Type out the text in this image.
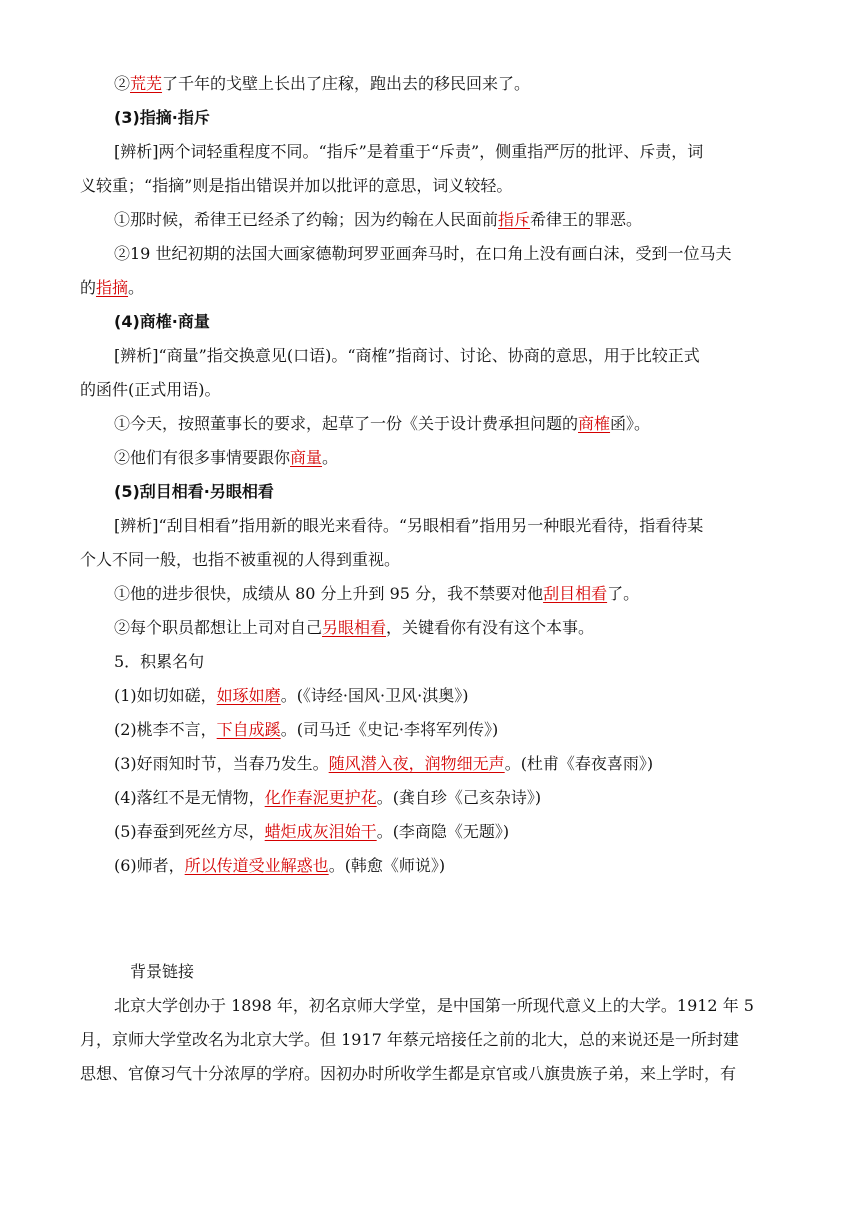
②荒芜了千年的戈壁上长出了庄稼，跑出去的移民回来了。
(3)指摘·指斥
[辨析]两个词轻重程度不同。“指斥”是着重于“斥责”，侧重指严厉的批评、斥责，词
义较重；“指摘”则是指出错误并加以批评的意思，词义较轻。
①那时候，希律王已经杀了约翰；因为约翰在人民面前指斥希律王的罪恶。
②19 世纪初期的法国大画家德勒珂罗亚画奔马时，在口角上没有画白沫，受到一位马夫
的指摘。
(4)商榷·商量
[辨析]“商量”指交换意见(口语)。“商榷”指商讨、讨论、协商的意思，用于比较正式
的函件(正式用语)。
①今天，按照董事长的要求，起草了一份《关于设计费承担问题的商榷函》。
②他们有很多事情要跟你商量。
(5)刮目相看·另眼相看
[辨析]“刮目相看”指用新的眼光来看待。“另眼相看”指用另一种眼光看待，指看待某
个人不同一般，也指不被重视的人得到重视。
①他的进步很快，成绩从 80 分上升到 95 分，我不禁要对他刮目相看了。
②每个职员都想让上司对自己另眼相看，关键看你有没有这个本事。
5．积累名句
(1)如切如磋，如琢如磨。(《诗经·国风·卫风·淇奥》)
(2)桃李不言，下自成蹊。(司马迁《史记·李将军列传》)
(3)好雨知时节，当春乃发生。随风潜入夜，润物细无声。(杜甫《春夜喜雨》)
(4)落红不是无情物，化作春泥更护花。(龚自珍《己亥杂诗》)
(5)春蚕到死丝方尽，蜡炬成灰泪始干。(李商隐《无题》)
(6)师者，所以传道受业解惑也。(韩愈《师说》)
背景链接
北京大学创办于 1898 年，初名京师大学堂，是中国第一所现代意义上的大学。1912 年 5
月，京师大学堂改名为北京大学。但 1917 年蔡元培接任之前的北大，总的来说还是一所封建
思想、官僚习气十分浓厚的学府。因初办时所收学生都是京官或八旗贵族子弟，来上学时，有
